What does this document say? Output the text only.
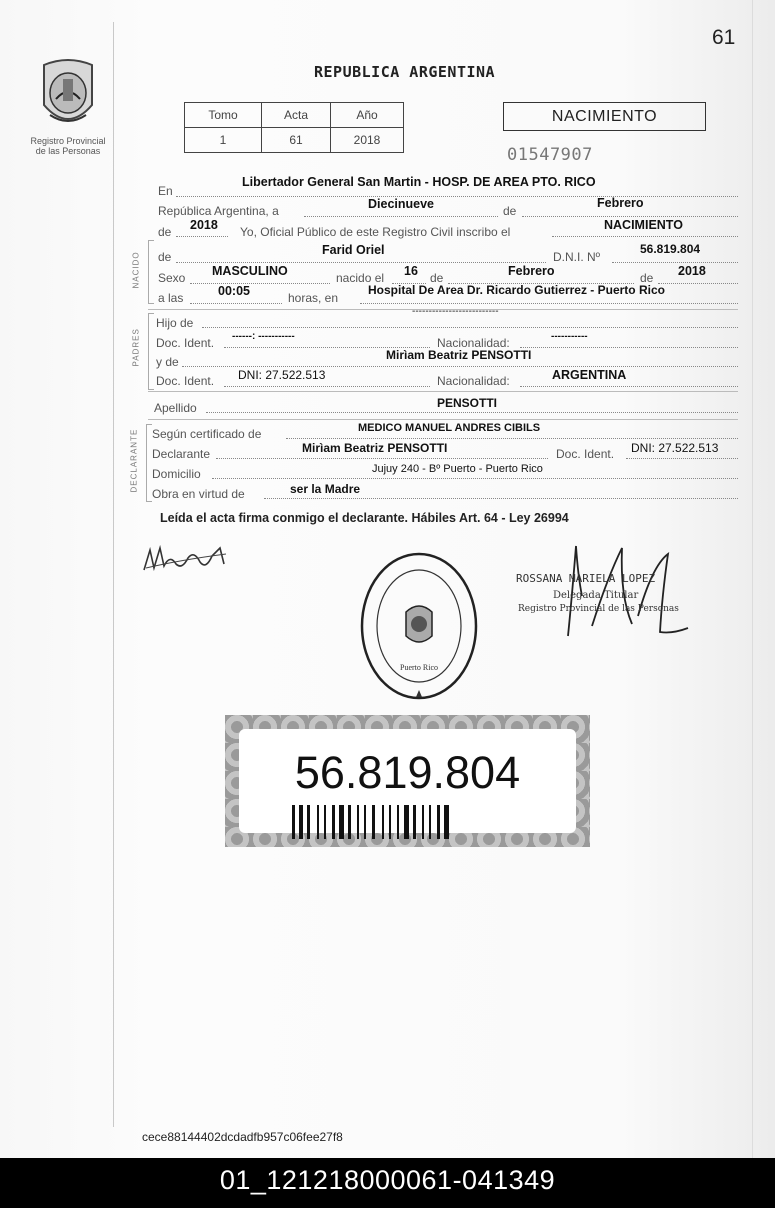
61
Registro Provincial
de las Personas
REPUBLICA ARGENTINA
Tomo	Acta	Año
1	61	2018
NACIMIENTO
01547907
En
Libertador General San Martin - HOSP. DE AREA PTO. RICO
República Argentina, a	Diecinueve	de
Febrero
de 2018 Yo, Oficial Público de este Registro Civil inscribo el	NACIMIENTO
NACIDO de	Farid Oriel	D.N.I. Nº
56.819.804
Sexo MASCULINO	nacido el 16 de	Febrero	de 2018
a las	00:05	horas, en
Hospital De Area Dr. Ricardo Gutierrez - Puerto Rico
PADRES
Hijo de
--------------------------
Doc. Ident. ------: -----------	Nacionalidad:	-----------
y de	Mirìam Beatriz PENSOTTI
Doc. Ident. DNI: 27.522.513	Nacionalidad:	ARGENTINA
Apellido	PENSOTTI
DECLARANTE Según certificado de	MEDICO MANUEL ANDRES CIBILS
Declarante	Mirìam Beatriz PENSOTTI	Doc. Ident. DNI: 27.522.513
Domicilio	Jujuy 240 - Bº Puerto - Puerto Rico
Obra en virtud de	ser la Madre
Leída el acta firma conmigo el declarante. Hábiles Art. 64 - Ley 26994
Puerto Rico
ROSSANA MARIELA LOPEZ
Delegada Titular
Registro Provincial de las Personas
56.819.804
cece88144402dcdadfb957c06fee27f8
01_121218000061-041349
